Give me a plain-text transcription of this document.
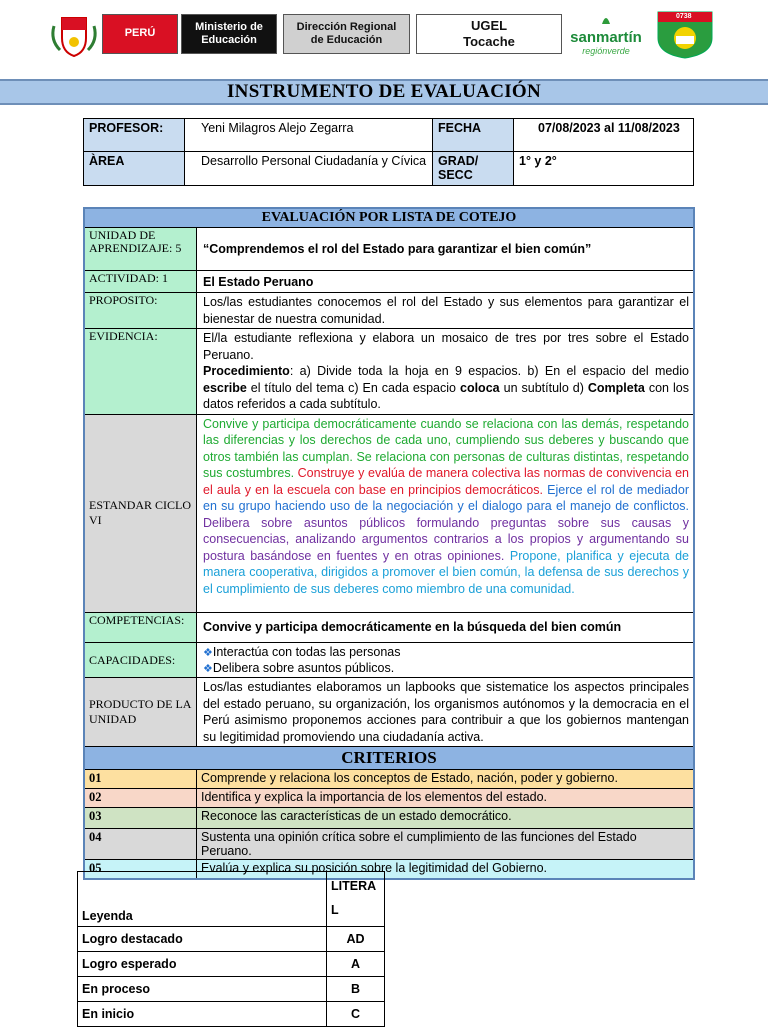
PERÚ
Ministerio de Educación
Dirección Regional de Educación
UGEL
Tocache	sanmartín
regiónverde
0738
INSTRUMENTO DE EVALUACIÓN
PROFESOR:	Yeni Milagros Alejo Zegarra	FECHA	07/08/2023 al 11/08/2023
ÀREA	Desarrollo Personal Ciudadanía y Cívica	GRAD/ SECC	1° y 2°
EVALUACIÓN POR LISTA DE COTEJO	
UNIDAD DE APRENDIZAJE: 5	“Comprendemos el rol del Estado para garantizar el bien común”
ACTIVIDAD: 1	El Estado Peruano
PROPOSITO:	Los/las estudiantes conocemos el rol del Estado y sus elementos para garantizar el bienestar de nuestra comunidad.
EVIDENCIA:	El/la estudiante reflexiona y elabora un mosaico de tres por tres sobre el Estado Peruano.
Procedimiento: a) Divide toda la hoja en 9 espacios. b) En el espacio del medio escribe el título del tema c) En cada espacio coloca un subtítulo d) Completa con los datos referidos a cada subtítulo.
ESTANDAR CICLO VI	Convive y participa democráticamente cuando se relaciona con las demás, respetando las diferencias y los derechos de cada uno, cumpliendo sus deberes y buscando que otros también las cumplan. Se relaciona con personas de culturas distintas, respetando sus costumbres. Construye y evalúa de manera colectiva las normas de convivencia en el aula y en la escuela con base en principios democráticos. Ejerce el rol de mediador en su grupo haciendo uso de la negociación y el dialogo para el manejo de conflictos. Delibera sobre asuntos públicos formulando preguntas sobre sus causas y consecuencias, analizando argumentos contrarios a los propios y argumentando su postura basándose en fuentes y en otras opiniones. Propone, planifica y ejecuta de manera cooperativa, dirigidos a promover el bien común, la defensa de sus derechos y el cumplimiento de sus deberes como miembro de una comunidad.
COMPETENCIAS:	Convive y participa democráticamente en la búsqueda del bien común
CAPACIDADES:	❖Interactúa con todas las personas
❖Delibera sobre asuntos públicos.

PRODUCTO DE LA UNIDAD	Los/las estudiantes elaboramos un lapbooks que sistematice los aspectos principales del estado peruano, su organización, los organismos autónomos y la democracia en el Perú asimismo proponemos acciones para contribuir a que los gobiernos mantengan su legitimidad promoviendo una ciudadanía activa.
CRITERIOS	
01	Comprende y relaciona los conceptos de Estado, nación, poder y gobierno.
02	Identifica y explica la importancia de los elementos del estado.
03	Reconoce las características de un estado democrático.
04	Sustenta una opinión crítica sobre el cumplimiento de las funciones del Estado Peruano.
05	Evalúa y explica su posición sobre la legitimidad del Gobierno.
Leyenda	LITERA
L
Logro destacado	AD
Logro esperado	A
En proceso	B
En inicio	C
